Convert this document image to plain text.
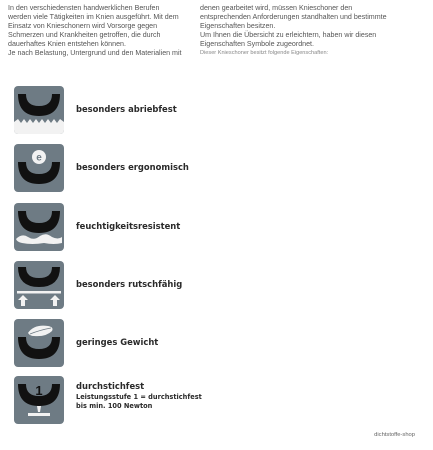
In den verschiedensten handwerklichen Berufen werden viele Tätigkeiten im Knien ausgeführt. Mit dem Einsatz von Knieschonern wird Vorsorge gegen Schmerzen und Krankheiten getroffen, die durch dauerhaftes Knien entstehen können.

Je nach Belastung, Untergrund und den Materialien mit

denen gearbeitet wird, müssen Knieschoner den entsprechenden Anforderungen standhalten und bestimmte Eigenschaften besitzen.

Um Ihnen die Übersicht zu erleichtern, haben wir diesen Eigenschaften Symbole zugeordnet.

Dieser Knieschoner besitzt folgende Eigenschaften:

besonders abriebfest
e
besonders ergonomisch
feuchtigkeitsresistent
besonders rutschfähig
geringes Gewicht
1	durchstichfest
Leistungsstufe 1 = durchstichfest
bis min. 100 Newton
dichtstoffe-shop
